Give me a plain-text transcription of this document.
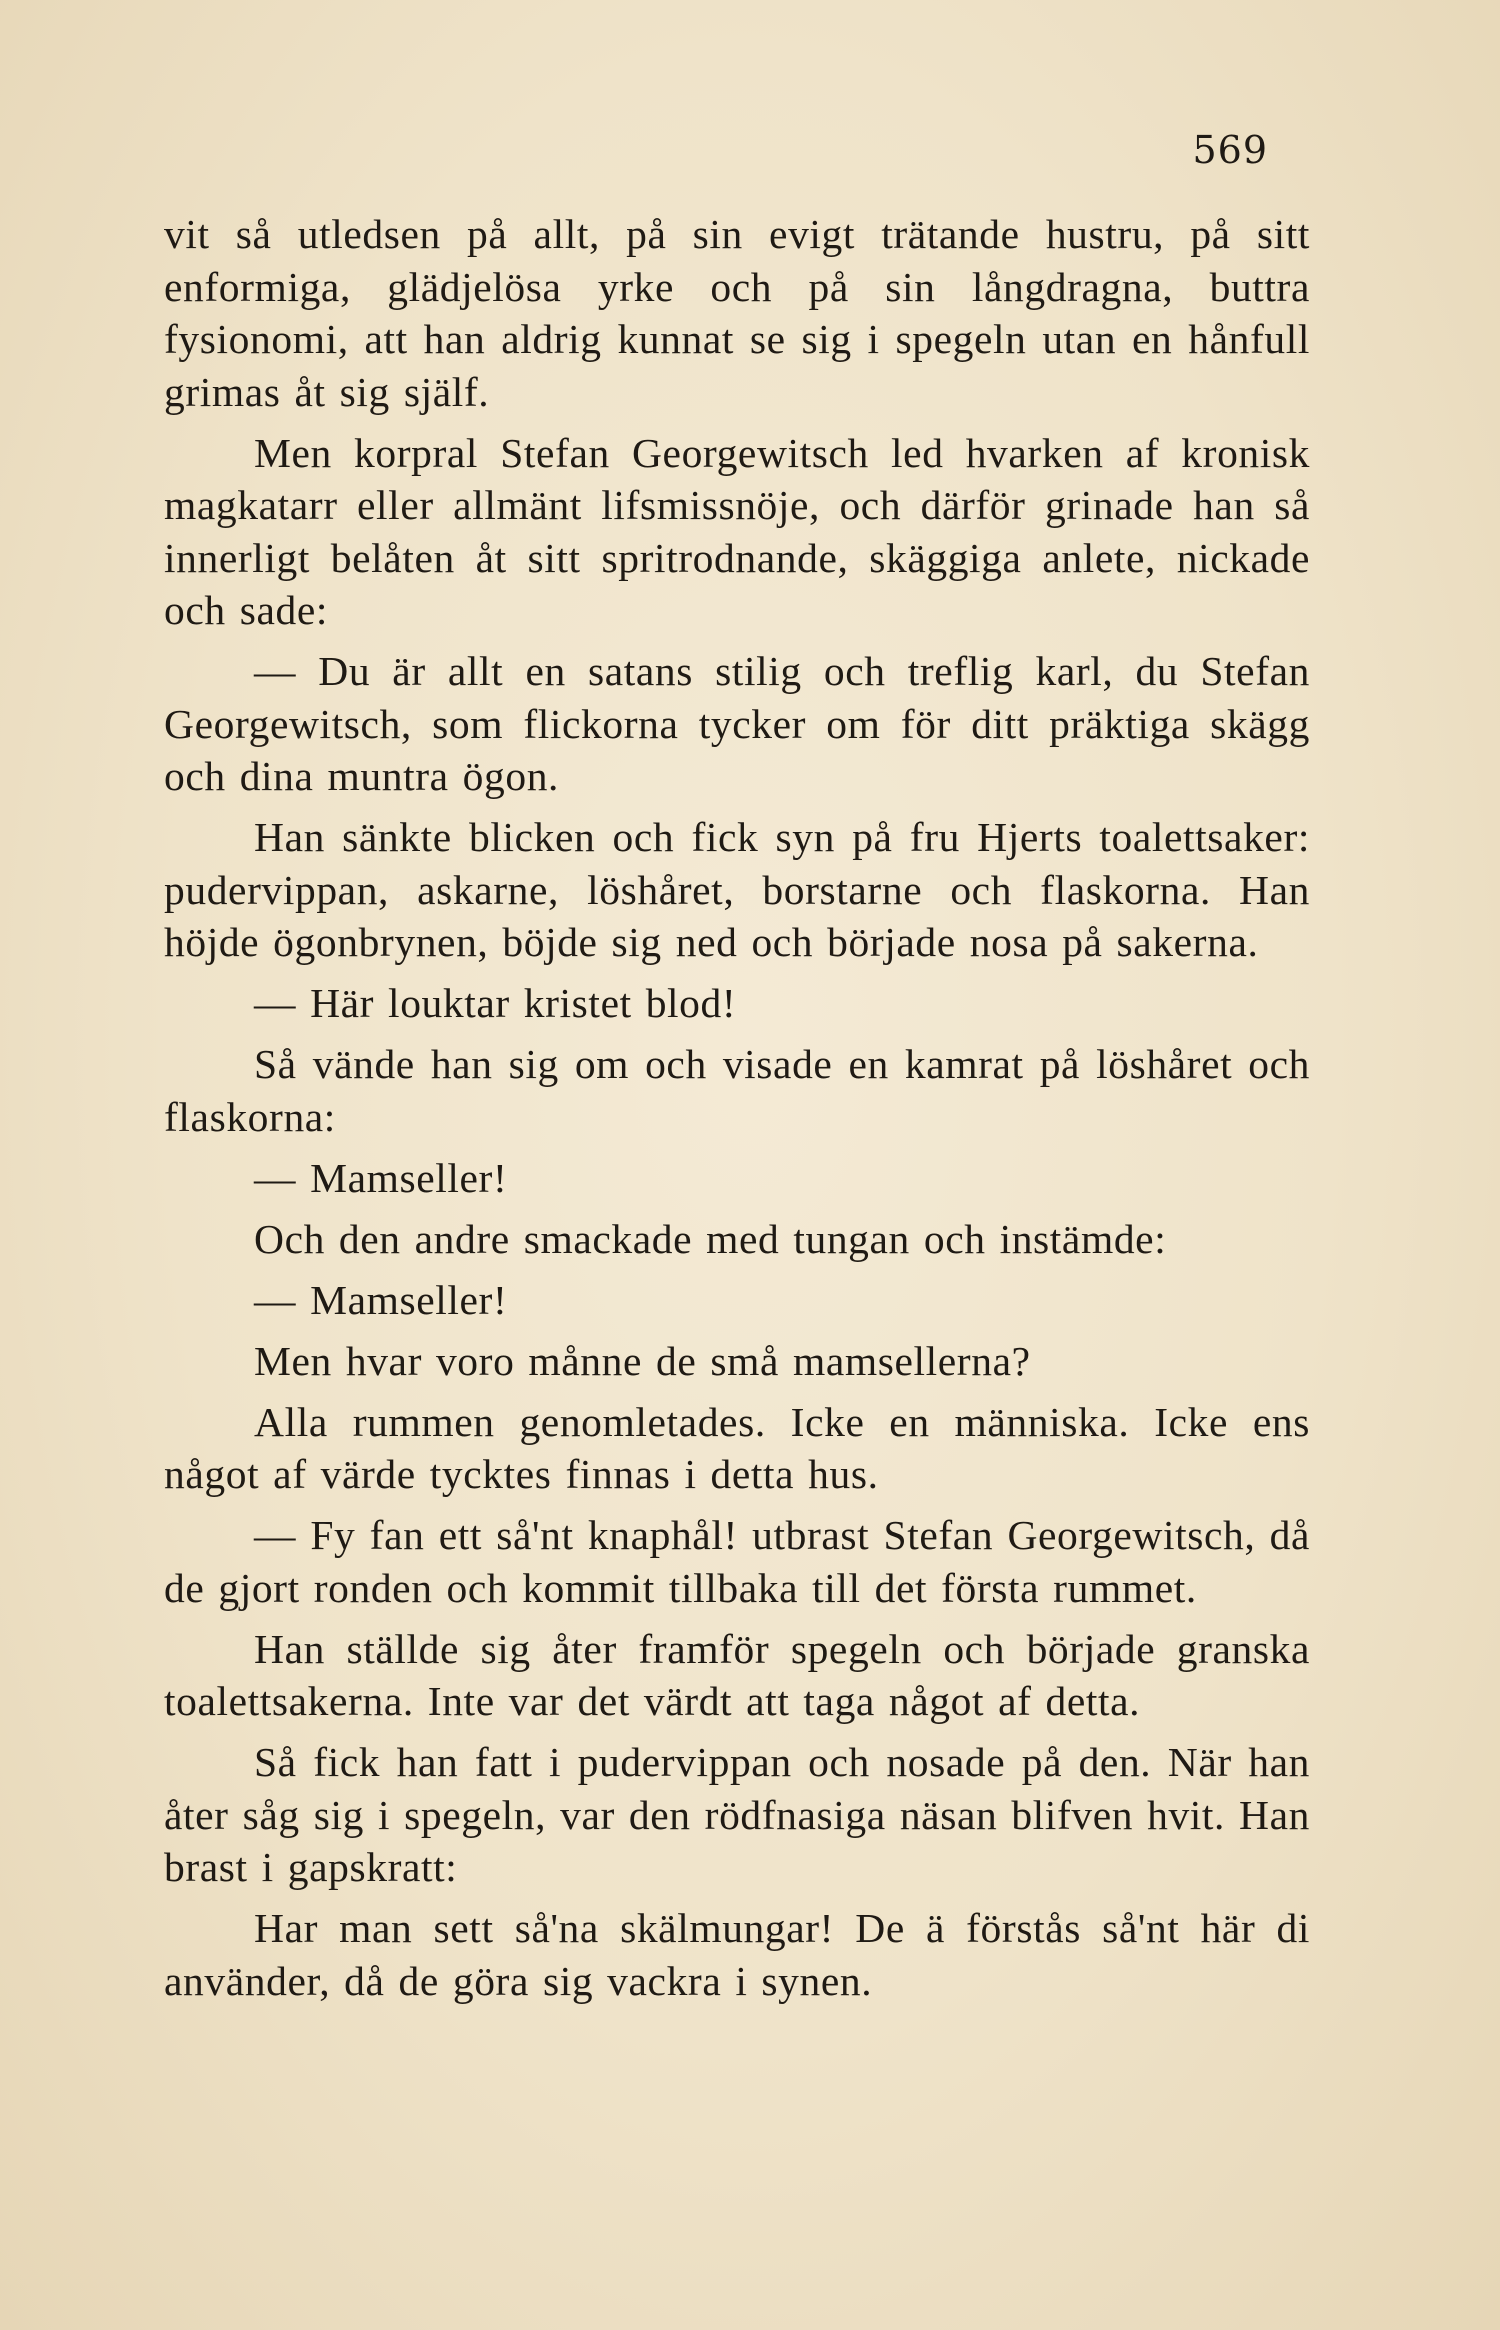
569

vit så utledsen på allt, på sin evigt trätande hustru, på sitt enformiga, glädjelösa yrke och på sin långdragna, buttra fysionomi, att han aldrig kunnat se sig i spegeln utan en hånfull grimas åt sig själf.

Men korpral Stefan Georgewitsch led hvarken af kronisk magkatarr eller allmänt lifsmissnöje, och därför grinade han så innerligt belåten åt sitt spritrodnande, skäggiga anlete, nickade och sade:

— Du är allt en satans stilig och treflig karl, du Stefan Georgewitsch, som flickorna tycker om för ditt präktiga skägg och dina muntra ögon.

Han sänkte blicken och fick syn på fru Hjerts toalettsaker: pudervippan, askarne, löshåret, borstarne och flaskorna. Han höjde ögonbrynen, böjde sig ned och började nosa på sakerna.

— Här louktar kristet blod!

Så vände han sig om och visade en kamrat på löshåret och flaskorna:

— Mamseller!

Och den andre smackade med tungan och instämde:

— Mamseller!

Men hvar voro månne de små mamsellerna?

Alla rummen genomletades. Icke en människa. Icke ens något af värde tycktes finnas i detta hus.

— Fy fan ett så'nt knaphål! utbrast Stefan Georgewitsch, då de gjort ronden och kommit tillbaka till det första rummet.

Han ställde sig åter framför spegeln och började granska toalettsakerna. Inte var det värdt att taga något af detta.

Så fick han fatt i pudervippan och nosade på den. När han åter såg sig i spegeln, var den rödfnasiga näsan blifven hvit. Han brast i gapskratt:

Har man sett så'na skälmungar! De ä förstås så'nt här di använder, då de göra sig vackra i synen.
